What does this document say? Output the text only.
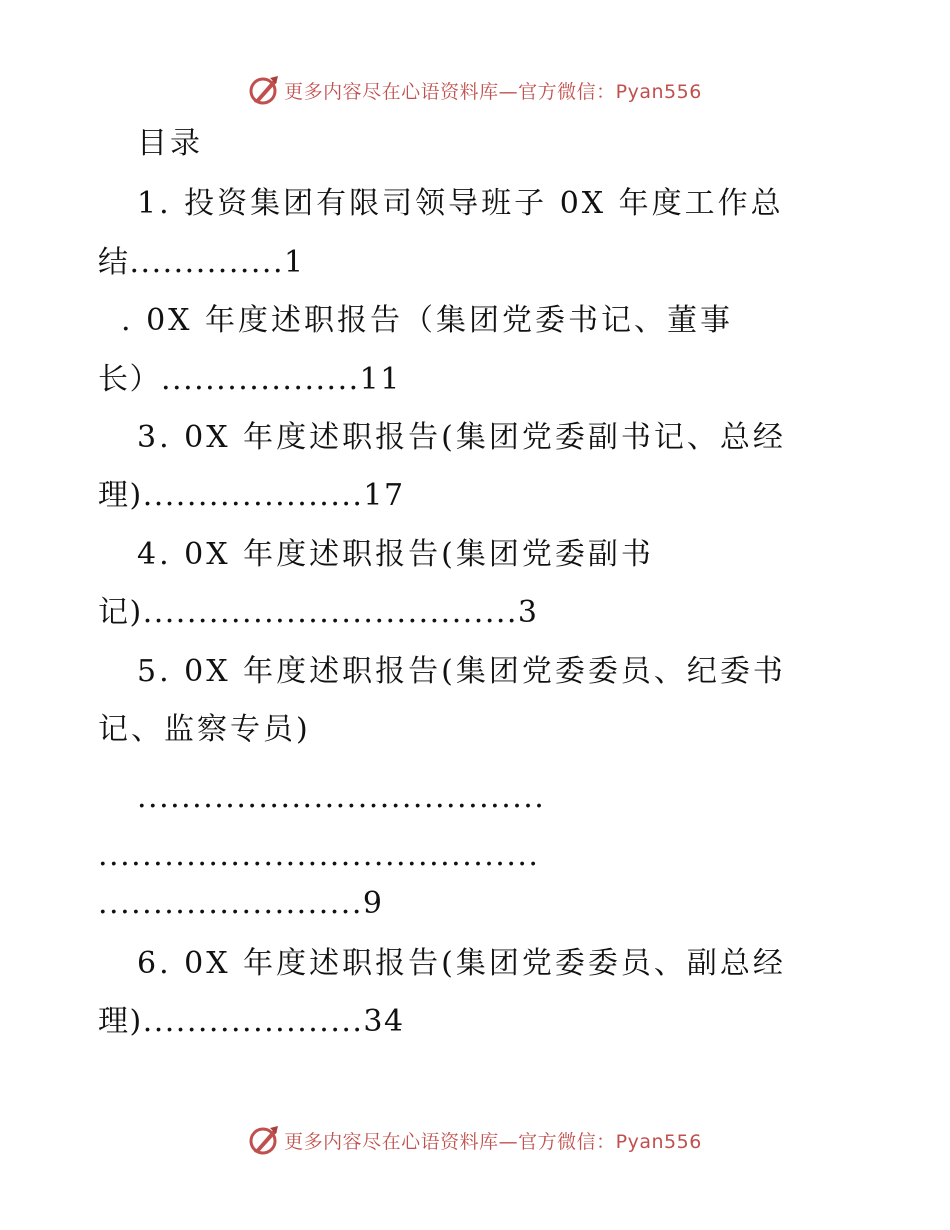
更多内容尽在心语资料库—官方微信：Pyan556
目录
1. 投资集团有限司领导班子 0X 年度工作总
结..............1
. 0X 年度述职报告（集团党委书记、董事
长）..................11
3. 0X 年度述职报告(集团党委副书记、总经
理)....................17
4. 0X 年度述职报告(集团党委副书
记)..................................3
5. 0X 年度述职报告(集团党委委员、纪委书
记、监察专员)
.....................................
........................................
........................9
6. 0X 年度述职报告(集团党委委员、副总经
理)....................34
更多内容尽在心语资料库—官方微信：Pyan556
